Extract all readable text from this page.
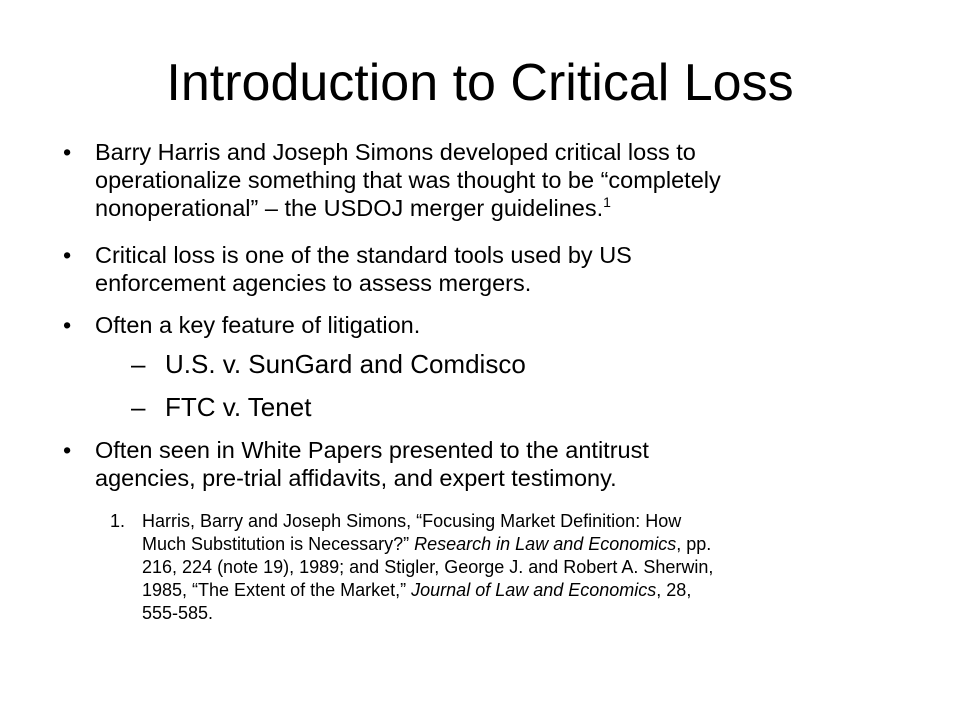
Introduction to Critical Loss
• Barry Harris and Joseph Simons developed critical loss to
operationalize something that was thought to be “completely
nonoperational” – the USDOJ merger guidelines.$^1$
• Critical loss is one of the standard tools used by US
enforcement agencies to assess mergers.
• Often a key feature of litigation.
– U.S. v. SunGard and Comdisco
– FTC v. Tenet
• Often seen in White Papers presented to the antitrust
agencies, pre-trial affidavits, and expert testimony.
1. Harris, Barry and Joseph Simons, “Focusing Market Definition: How
Much Substitution is Necessary?” Research in Law and Economics, pp.
216, 224 (note 19), 1989; and Stigler, George J. and Robert A. Sherwin,
1985, “The Extent of the Market,” Journal of Law and Economics, 28,
555-585.
